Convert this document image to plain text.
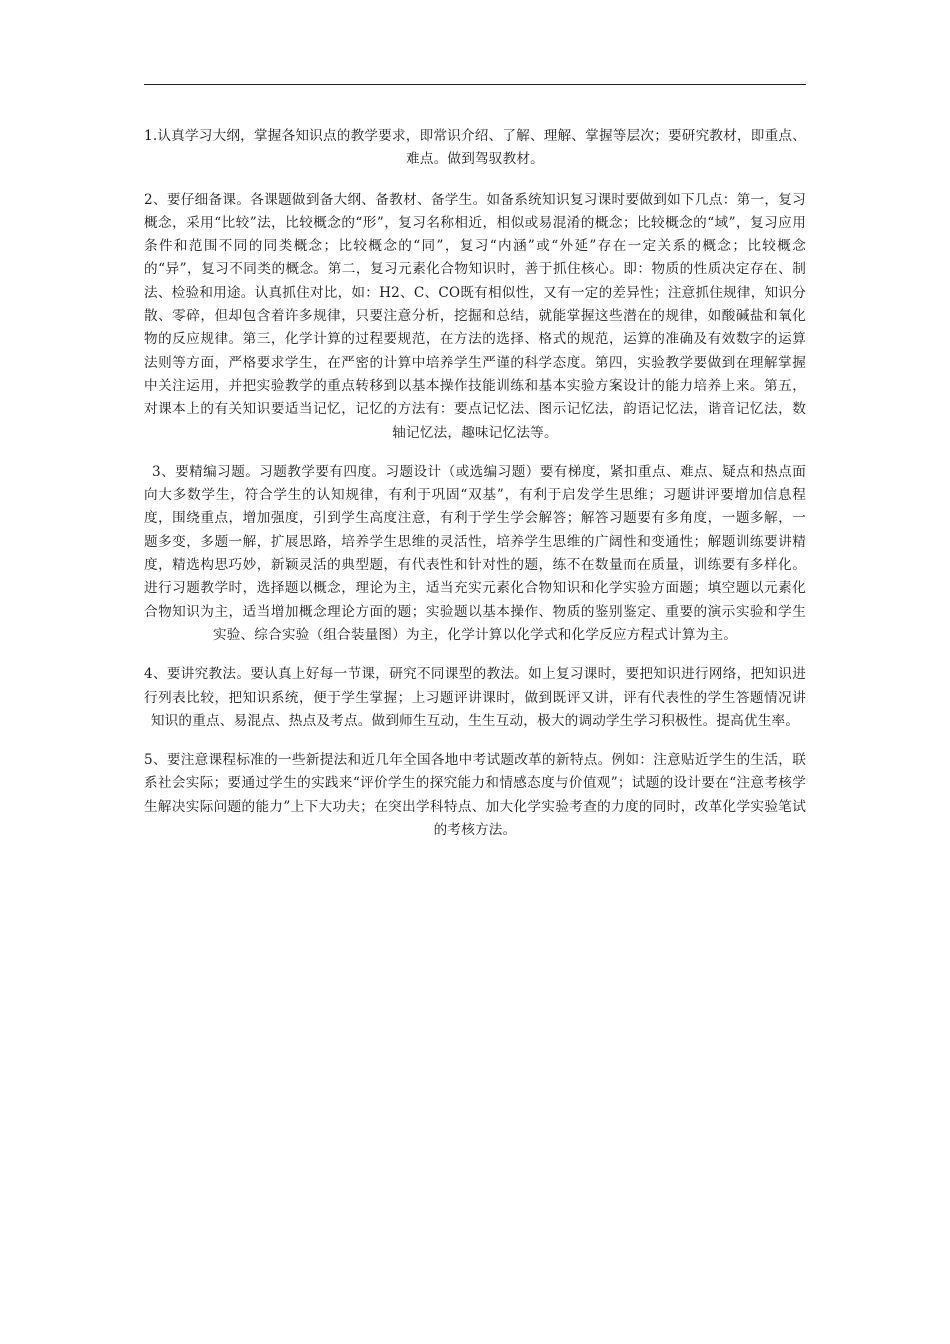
1.认真学习大纲，掌握各知识点的教学要求，即常识介绍、了解、理解、掌握等层次；要研究教材，即重点、难点。做到驾驭教材。

2、要仔细备课。各课题做到备大纲、备教材、备学生。如备系统知识复习课时要做到如下几点：第一，复习概念，采用“比较”法，比较概念的“形”，复习名称相近，相似或易混淆的概念；比较概念的“域”，复习应用条件和范围不同的同类概念；比较概念的“同”，复习“内涵”或“外延”存在一定关系的概念；比较概念的“异”，复习不同类的概念。第二，复习元素化合物知识时，善于抓住核心。即：物质的性质决定存在、制法、检验和用途。认真抓住对比，如：H2、C、CO既有相似性，又有一定的差异性；注意抓住规律，知识分散、零碎，但却包含着许多规律，只要注意分析，挖掘和总结，就能掌握这些潜在的规律，如酸碱盐和氧化物的反应规律。第三，化学计算的过程要规范，在方法的选择、格式的规范，运算的准确及有效数字的运算法则等方面，严格要求学生，在严密的计算中培养学生严谨的科学态度。第四，实验教学要做到在理解掌握中关注运用，并把实验教学的重点转移到以基本操作技能训练和基本实验方案设计的能力培养上来。第五，对课本上的有关知识要适当记忆，记忆的方法有：要点记忆法、图示记忆法，韵语记忆法，谐音记忆法，数轴记忆法，趣味记忆法等。

3、要精编习题。习题教学要有四度。习题设计（或选编习题）要有梯度，紧扣重点、难点、疑点和热点面向大多数学生，符合学生的认知规律，有利于巩固“双基”，有利于启发学生思维；习题讲评要增加信息程度，围绕重点，增加强度，引到学生高度注意，有利于学生学会解答；解答习题要有多角度，一题多解，一题多变，多题一解，扩展思路，培养学生思维的灵活性，培养学生思维的广阔性和变通性；解题训练要讲精度，精选构思巧妙，新颖灵活的典型题，有代表性和针对性的题，练不在数量而在质量，训练要有多样化。进行习题教学时，选择题以概念，理论为主，适当充实元素化合物知识和化学实验方面题；填空题以元素化合物知识为主，适当增加概念理论方面的题；实验题以基本操作、物质的鉴别鉴定、重要的演示实验和学生实验、综合实验（组合装量图）为主，化学计算以化学式和化学反应方程式计算为主。

4、要讲究教法。要认真上好每一节课，研究不同课型的教法。如上复习课时，要把知识进行网络，把知识进行列表比较，把知识系统，便于学生掌握；上习题评讲课时，做到既评又讲，评有代表性的学生答题情况讲知识的重点、易混点、热点及考点。做到师生互动，生生互动，极大的调动学生学习积极性。提高优生率。

5、要注意课程标准的一些新提法和近几年全国各地中考试题改革的新特点。例如：注意贴近学生的生活，联系社会实际；要通过学生的实践来“评价学生的探究能力和情感态度与价值观”；试题的设计要在“注意考核学生解决实际问题的能力”上下大功夫；在突出学科特点、加大化学实验考查的力度的同时，改革化学实验笔试的考核方法。
